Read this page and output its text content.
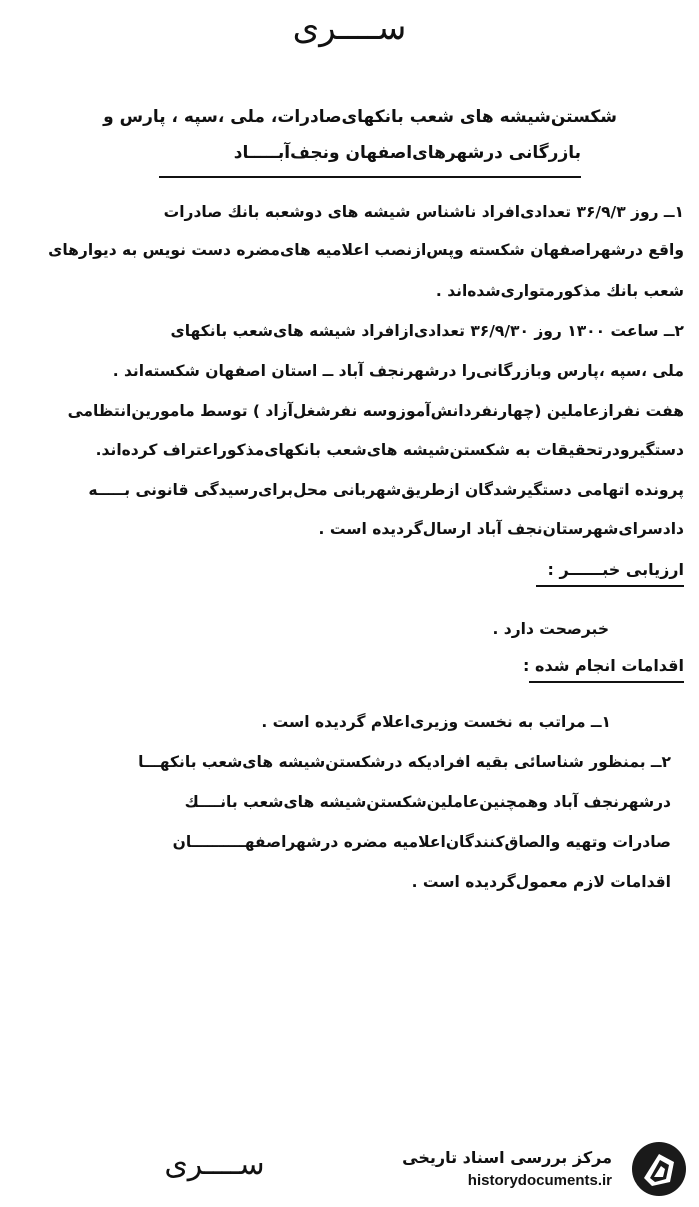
ســــرى
شکستن‌شیشه های شعب بانکهای‌صادرات، ملی ،سپه ، پارس و
بازرگانی درشهرهای‌اصفهان ونجف‌آبـــــاد
۱ــ روز ۳۶/۹/۳ تعدادی‌افراد ناشناس شیشه های دوشعبه بانك صادرات
واقع درشهراصفهان شکسته وپس‌ازنصب اعلامیه های‌مضره دست نویس به دیوارهای
شعب بانك مذکورمتواری‌شده‌اند .
۲ــ ساعت ۱۳۰۰ روز ۳۶/۹/۳۰ تعدادی‌ازافراد شیشه های‌شعب بانکهای
ملی ،سپه ،پارس وبازرگانی‌را درشهرنجف آباد ــ استان اصفهان شکسته‌اند .
هفت نفرازعاملین (چهارنفردانش‌آموزوسه نفرشغل‌آزاد ) توسط مامورین‌انتظامی
دستگیرودرتحقیقات به شکستن‌شیشه های‌شعب بانکهای‌مذکوراعتراف کرده‌اند.
پرونده اتهامی دستگیرشدگان ازطریق‌شهربانی محل‌برای‌رسیدگی قانونی بـــــه
دادسرای‌شهرستان‌نجف آباد ارسال‌گردیده است .
ارزیابی خبــــــر :
خبرصحت دارد .
اقدامات انجام شده :
۱ــ مراتب به نخست وزیری‌اعلام گردیده است .
۲ــ بمنظور شناسائی بقیه افرادیکه درشکستن‌شیشه های‌شعب بانکهـــا
درشهرنجف آباد وهمچنین‌عاملین‌شکستن‌شیشه های‌شعب بانــــك
صادرات وتهیه والصاق‌کنندگان‌اعلامیه مضره درشهراصفهــــــــــان
اقدامات لازم معمول‌گردیده است .
ســــرى	مرکز بررسی اسناد تاریخی
historydocuments.ir
